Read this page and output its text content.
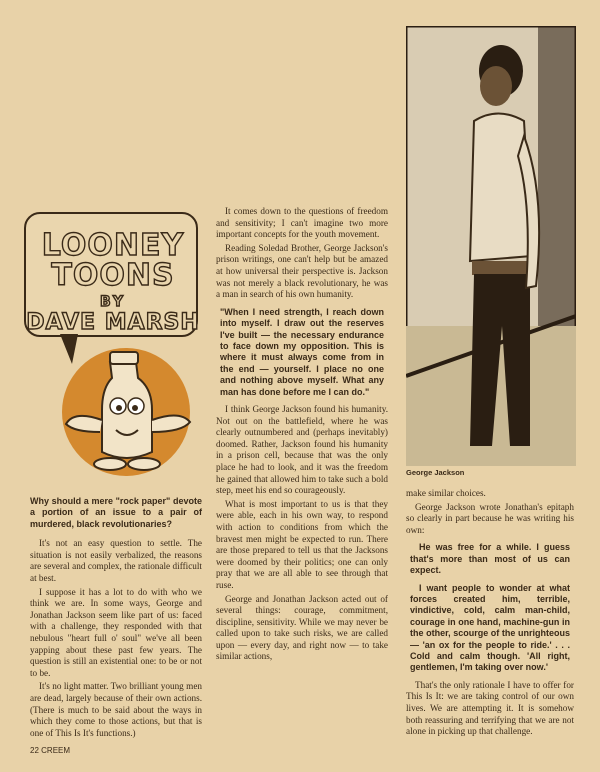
LOONEY
TOONS
BY
DAVE MARSH

Why should a mere "rock paper" devote a portion of an issue to a pair of murdered, black revolutionaries?

It's not an easy question to settle. The situation is not easily verbalized, the reasons are several and complex, the rationale difficult at best.

I suppose it has a lot to do with who we think we are. In some ways, George and Jonathan Jackson seem like part of us: faced with a challenge, they responded with that nebulous "heart full o' soul" we've all been yapping about these past few years. The question is still an existential one: to be or not to be.

It's no light matter. Two brilliant young men are dead, largely because of their own actions. (There is much to be said about the ways in which they come to those actions, but that is one of This Is It's functions.)

It comes down to the questions of freedom and sensitivity; I can't imagine two more important concepts for the youth movement.

Reading Soledad Brother, George Jackson's prison writings, one can't help but be amazed at how universal their perspective is. Jackson was not merely a black revolutionary, he was a man in search of his own humanity.

"When I need strength, I reach down into myself. I draw out the reserves I've built — the necessary endurance to face down my opposition. This is where it must always come from in the end — yourself. I place no one and nothing above myself. What any man has done before me I can do."

I think George Jackson found his humanity. Not out on the battlefield, where he was clearly outnumbered and (perhaps inevitably) doomed. Rather, Jackson found his humanity in a prison cell, because that was the only place he had to look, and it was the freedom he gained that allowed him to take such a bold step, meet his end so courageously.

What is most important to us is that they were able, each in his own way, to respond with action to conditions from which the bravest men might be expected to run. There are those prepared to tell us that the Jacksons were doomed by their politics; one can only pray that we are all able to see through that ruse.

George and Jonathan Jackson acted out of several things: courage, commitment, discipline, sensitivity. While we may never be called upon to take such risks, we are called upon — every day, and right now — to take similar actions,

George Jackson

make similar choices.

George Jackson wrote Jonathan's epitaph so clearly in part because he was writing his own:

He was free for a while. I guess that's more than most of us can expect.

I want people to wonder at what forces created him, terrible, vindictive, cold, calm man-child, courage in one hand, machine-gun in the other, scourge of the unrighteous — 'an ox for the people to ride.' . . . Cold and calm though. 'All right, gentlemen, I'm taking over now.'

That's the only rationale I have to offer for This Is It: we are taking control of our own lives. We are attempting it. It is somehow both reassuring and terrifying that we are not alone in picking up that challenge.

22 CREEM
